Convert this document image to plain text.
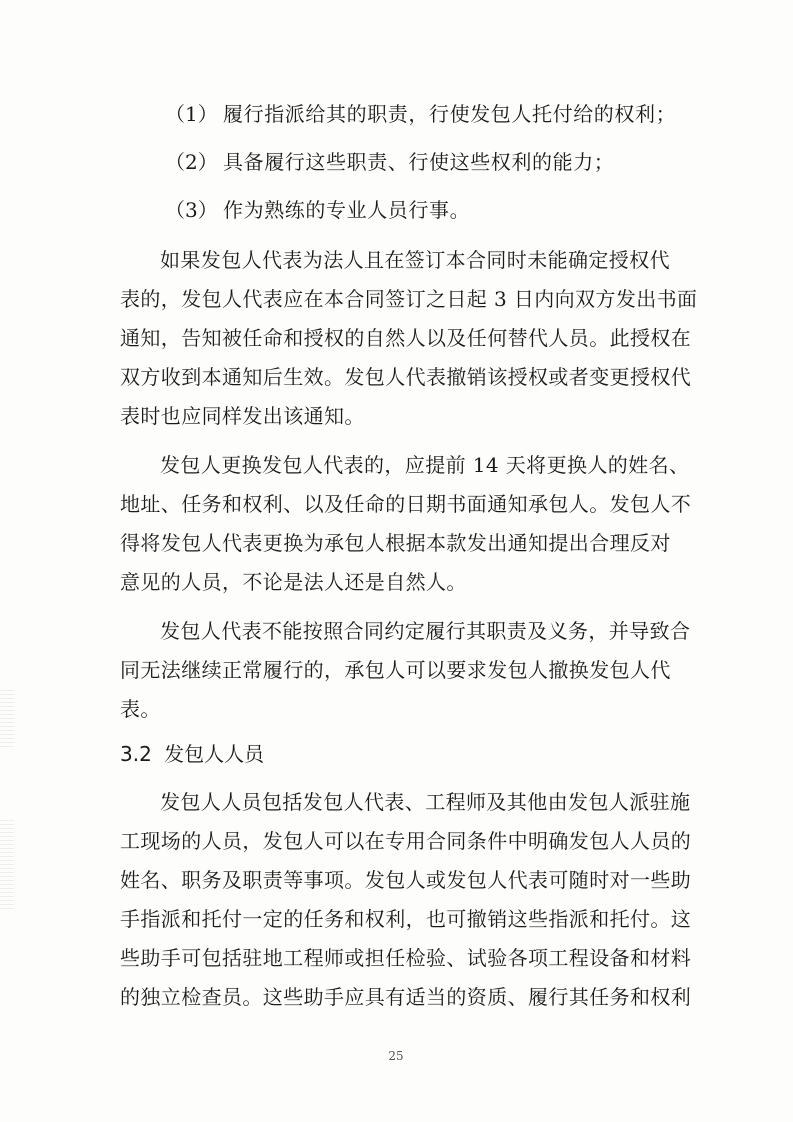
（1） 履行指派给其的职责，行使发包人托付给的权利；
（2） 具备履行这些职责、行使这些权利的能力；
（3） 作为熟练的专业人员行事。
如果发包人代表为法人且在签订本合同时未能确定授权代
表的，发包人代表应在本合同签订之日起 3 日内向双方发出书面
通知，告知被任命和授权的自然人以及任何替代人员。此授权在
双方收到本通知后生效。发包人代表撤销该授权或者变更授权代
表时也应同样发出该通知。
发包人更换发包人代表的，应提前 14 天将更换人的姓名、
地址、任务和权利、以及任命的日期书面通知承包人。发包人不
得将发包人代表更换为承包人根据本款发出通知提出合理反对
意见的人员，不论是法人还是自然人。
发包人代表不能按照合同约定履行其职责及义务，并导致合
同无法继续正常履行的，承包人可以要求发包人撤换发包人代
表。
3.2 发包人人员
发包人人员包括发包人代表、工程师及其他由发包人派驻施
工现场的人员，发包人可以在专用合同条件中明确发包人人员的
姓名、职务及职责等事项。发包人或发包人代表可随时对一些助
手指派和托付一定的任务和权利，也可撤销这些指派和托付。这
些助手可包括驻地工程师或担任检验、试验各项工程设备和材料
的独立检查员。这些助手应具有适当的资质、履行其任务和权利
25
